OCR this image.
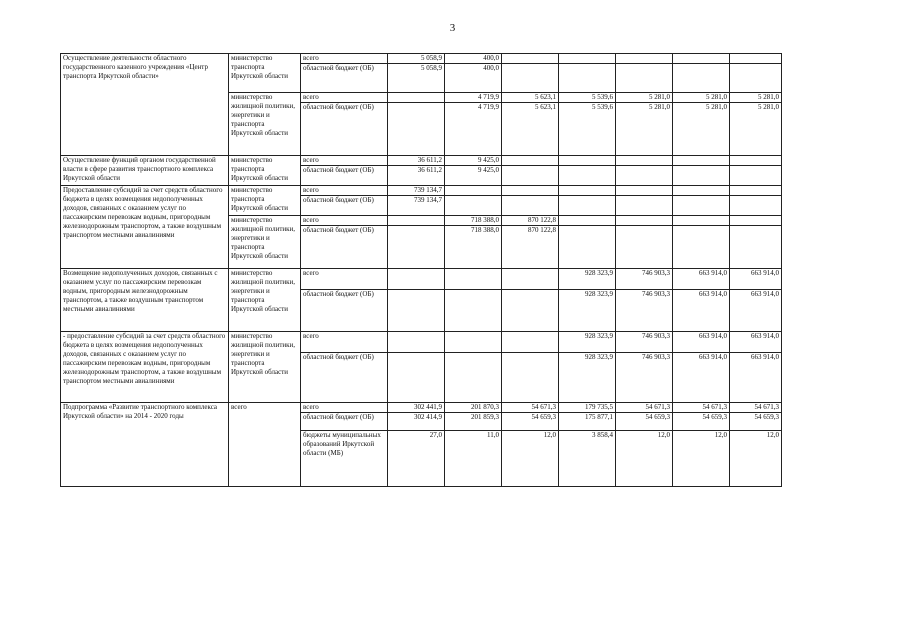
3
Осуществление деятельности областного государственного казенного учреждения «Центр транспорта Иркутской области»	министерство транспорта Иркутской области	всего	5 058,9	400,0					
		областной бюджет (ОБ)	5 058,9	400,0					
	министерство жилищной политики, энергетики и транспорта Иркутской области	всего		4 719,9	5 623,1	5 539,6	5 281,0	5 281,0	5 281,0
		областной бюджет (ОБ)		4 719,9	5 623,1	5 539,6	5 281,0	5 281,0	5 281,0
Осуществление функций органом государственной власти в сфере развития транспортного комплекса Иркутской области	министерство транспорта Иркутской области	всего	36 611,2	9 425,0					
		областной бюджет (ОБ)	36 611,2	9 425,0					
Предоставление субсидий за счет средств областного бюджета в целях возмещения недополученных доходов, связанных с оказанием услуг по пассажирским перевозкам водным, пригородным железнодорожным транспортом, а также воздушным транспортом местными авиалиниями	министерство транспорта Иркутской области	всего	739 134,7						
		областной бюджет (ОБ)	739 134,7						
	министерство жилищной политики, энергетики и транспорта Иркутской области	всего		718 388,0	870 122,8				
		областной бюджет (ОБ)		718 388,0	870 122,8				
Возмещение недополученных доходов, связанных с оказанием услуг по пассажирским перевозкам водным, пригородным железнодорожным транспортом, а также воздушным транспортом местными авиалиниями	министерство жилищной политики, энергетики и транспорта Иркутской области	всего				928 323,9	746 903,3	663 914,0	663 914,0
		областной бюджет (ОБ)				928 323,9	746 903,3	663 914,0	663 914,0
- предоставление субсидий за счет средств областного бюджета в целях возмещения недополученных доходов, связанных с оказанием услуг по пассажирским перевозкам водным, пригородным железнодорожным транспортом, а также воздушным транспортом местными авиалиниями	министерство жилищной политики, энергетики и транспорта Иркутской области	всего				928 323,9	746 903,3	663 914,0	663 914,0
		областной бюджет (ОБ)				928 323,9	746 903,3	663 914,0	663 914,0
Подпрограмма «Развитие транспортного комплекса Иркутской области» на 2014 - 2020 годы	всего	всего	302 441,9	201 870,3	54 671,3	179 735,5	54 671,3	54 671,3	54 671,3
		областной бюджет (ОБ)	302 414,9	201 859,3	54 659,3	175 877,1	54 659,3	54 659,3	54 659,3
		бюджеты муниципальных образований Иркутской области (МБ)	27,0	11,0	12,0	3 858,4	12,0	12,0	12,0
